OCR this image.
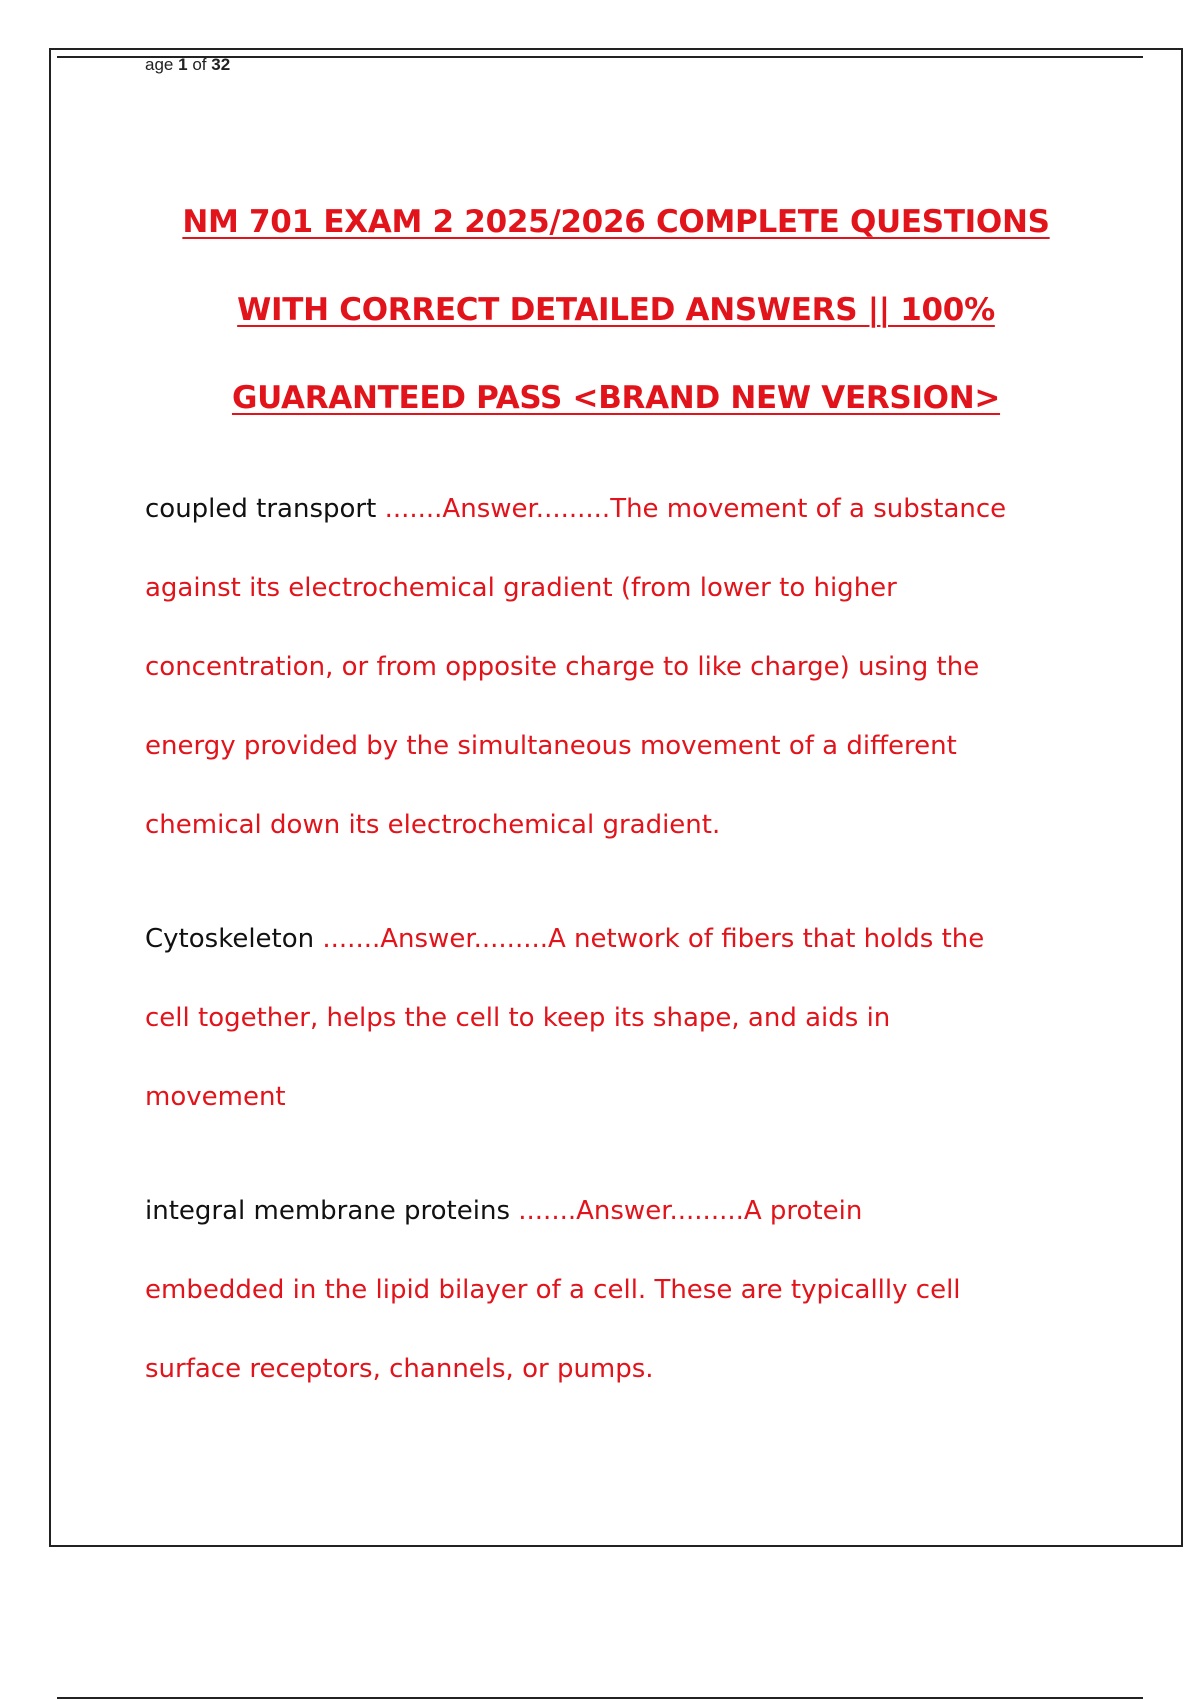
age 1 of 32
NM 701 EXAM 2 2025/2026 COMPLETE QUESTIONS
WITH CORRECT DETAILED ANSWERS || 100%
GUARANTEED PASS <BRAND NEW VERSION>
coupled transport .......Answer.........The movement of a substance
against its electrochemical gradient (from lower to higher
concentration, or from opposite charge to like charge) using the
energy provided by the simultaneous movement of a different
chemical down its electrochemical gradient.
Cytoskeleton .......Answer.........A network of fibers that holds the
cell together, helps the cell to keep its shape, and aids in
movement
integral membrane proteins .......Answer.........A protein
embedded in the lipid bilayer of a cell. These are typicallly cell
surface receptors, channels, or pumps.
